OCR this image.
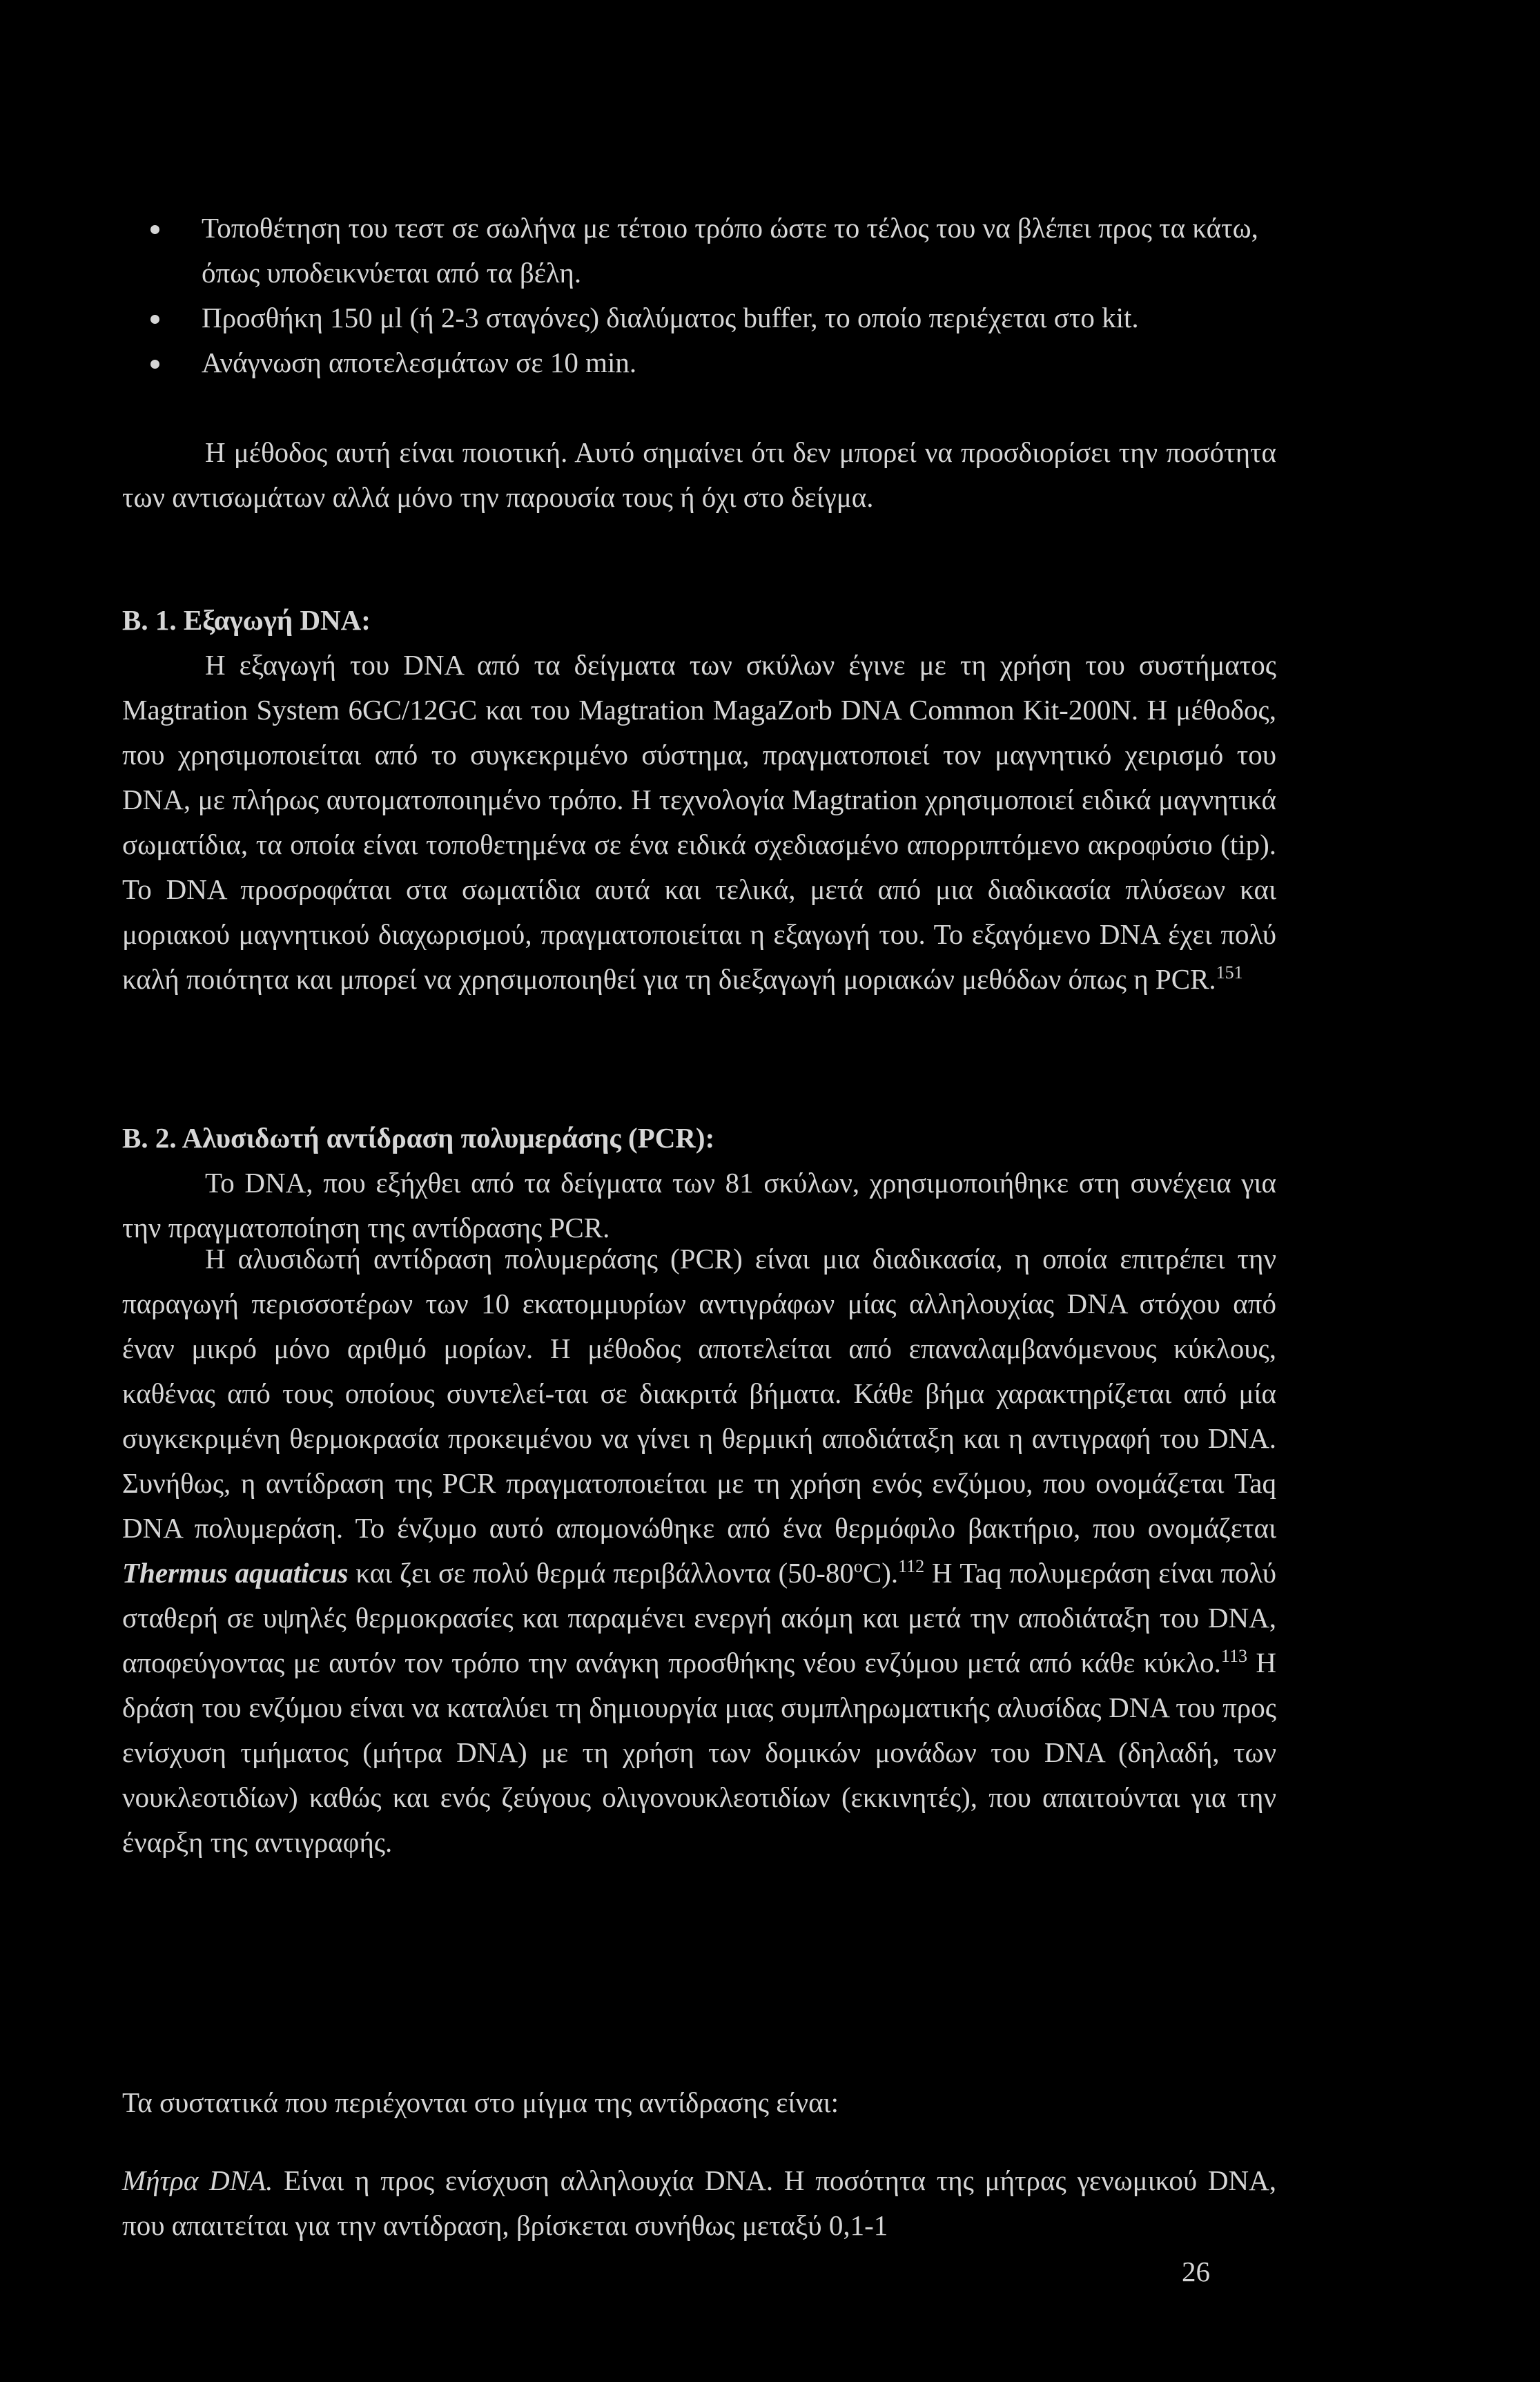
Τοποθέτηση του τεστ σε σωλήνα με τέτοιο τρόπο ώστε το τέλος του να βλέπει προς τα κάτω, όπως υποδεικνύεται από τα βέλη.
Προσθήκη 150 μl (ή 2-3 σταγόνες) διαλύματος buffer, το οποίο περιέχεται στο kit.
Ανάγνωση αποτελεσμάτων σε 10 min.

Η μέθοδος αυτή είναι ποιοτική. Αυτό σημαίνει ότι δεν μπορεί να προσδιορίσει την ποσότητα των αντισωμάτων αλλά μόνο την παρουσία τους ή όχι στο δείγμα.

Β. 1. Εξαγωγή DNA:

Η εξαγωγή του DNA από τα δείγματα των σκύλων έγινε με τη χρήση του συστήματος Magtration System 6GC/12GC και του Magtration MagaZorb DNA Common Kit-200N. Η μέθοδος, που χρησιμοποιείται από το συγκεκριμένο σύστημα, πραγματοποιεί τον μαγνητικό χειρισμό του DNA, με πλήρως αυτοματοποιημένο τρόπο. Η τεχνολογία Magtration χρησιμοποιεί ειδικά μαγνητικά σωματίδια, τα οποία είναι τοποθετημένα σε ένα ειδικά σχεδιασμένο απορριπτόμενο ακροφύσιο (tip). Το DNA προσροφάται στα σωματίδια αυτά και τελικά, μετά από μια διαδικασία πλύσεων και μοριακού μαγνητικού διαχωρισμού, πραγματοποιείται η εξαγωγή του. Το εξαγόμενο DNA έχει πολύ καλή ποιότητα και μπορεί να χρησιμοποιηθεί για τη διεξαγωγή μοριακών μεθόδων όπως η PCR.$^{151}$

Β. 2. Αλυσιδωτή αντίδραση πολυμεράσης (PCR):

Το DNA, που εξήχθει από τα δείγματα των 81 σκύλων, χρησιμοποιήθηκε στη συνέχεια για την πραγματοποίηση της αντίδρασης PCR.

Η αλυσιδωτή αντίδραση πολυμεράσης (PCR) είναι μια διαδικασία, η οποία επιτρέπει την παραγωγή περισσοτέρων των 10 εκατομμυρίων αντιγράφων μίας αλληλουχίας DNA στόχου από έναν μικρό μόνο αριθμό μορίων. Η μέθοδος αποτελείται από επαναλαμβανόμενους κύκλους, καθένας από τους οποίους συντελεί-ται σε διακριτά βήματα. Κάθε βήμα χαρακτηρίζεται από μία συγκεκριμένη θερμοκρασία προκειμένου να γίνει η θερμική αποδιάταξη και η αντιγραφή του DNA. Συνήθως, η αντίδραση της PCR πραγματοποιείται με τη χρήση ενός ενζύμου, που ονομάζεται Taq DNA πολυμεράση. Το ένζυμο αυτό απομονώθηκε από ένα θερμόφιλο βακτήριο, που ονομάζεται Thermus aquaticus και ζει σε πολύ θερμά περιβάλλοντα (50-80$^o$C).$^{112}$ Η Taq πολυμεράση είναι πολύ σταθερή σε υψηλές θερμοκρασίες και παραμένει ενεργή ακόμη και μετά την αποδιάταξη του DNA, αποφεύγοντας με αυτόν τον τρόπο την ανάγκη προσθήκης νέου ενζύμου μετά από κάθε κύκλο.$^{113}$ Η δράση του ενζύμου είναι να καταλύει τη δημιουργία μιας συμπληρωματικής αλυσίδας DNA του προς ενίσχυση τμήματος (μήτρα DNA) με τη χρήση των δομικών μονάδων του DNA (δηλαδή, των νουκλεοτιδίων) καθώς και ενός ζεύγους ολιγονουκλεοτιδίων (εκκινητές), που απαιτούνται για την έναρξη της αντιγραφής.

Τα συστατικά που περιέχονται στο μίγμα της αντίδρασης είναι:

Μήτρα DNA. Είναι η προς ενίσχυση αλληλουχία DNA. Η ποσότητα της μήτρας γενωμικού DNA, που απαιτείται για την αντίδραση, βρίσκεται συνήθως μεταξύ 0,1-1

26
